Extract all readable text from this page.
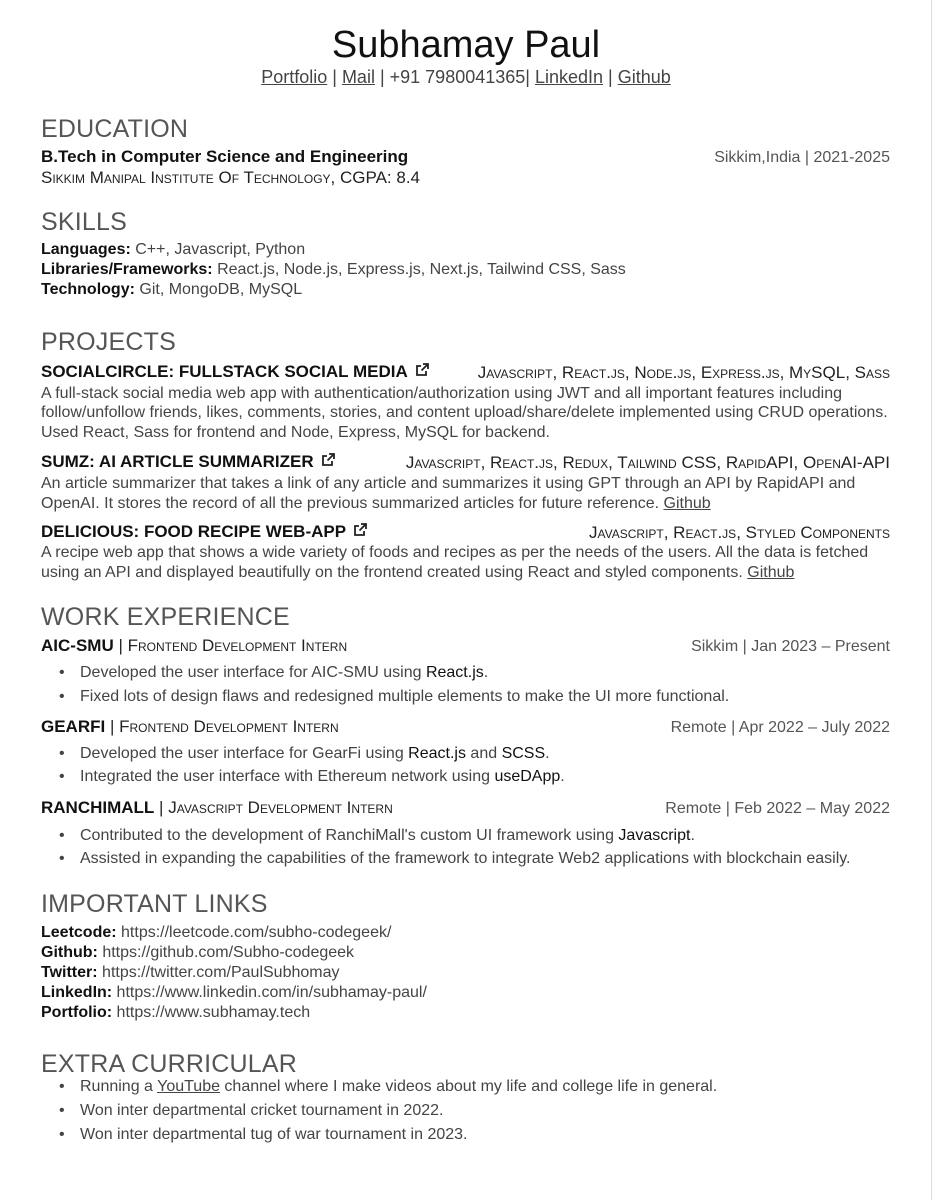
Subhamay Paul
Portfolio | Mail | +91 7980041365| LinkedIn | Github
EDUCATION
B.Tech in Computer Science and Engineering	Sikkim,India | 2021-2025
Sikkim Manipal Institute Of Technology, CGPA: 8.4
SKILLS
Languages: C++, Javascript, Python
Libraries/Frameworks: React.js, Node.js, Express.js, Next.js, Tailwind CSS, Sass
Technology: Git, MongoDB, MySQL
PROJECTS
SOCIALCIRCLE: FULLSTACK SOCIAL MEDIA	Javascript, React.js, Node.js, Express.js, MySQL, Sass
A full-stack social media web app with authentication/authorization using JWT and all important features including
follow/unfollow friends, likes, comments, stories, and content upload/share/delete implemented using CRUD operations.
Used React, Sass for frontend and Node, Express, MySQL for backend.
SUMZ: AI ARTICLE SUMMARIZER	Javascript, React.js, Redux, Tailwind CSS, RapidAPI, OpenAI-API
An article summarizer that takes a link of any article and summarizes it using GPT through an API by RapidAPI and
OpenAI. It stores the record of all the previous summarized articles for future reference. Github
DELICIOUS: FOOD RECIPE WEB-APP	Javascript, React.js, Styled Components
A recipe web app that shows a wide variety of foods and recipes as per the needs of the users. All the data is fetched
using an API and displayed beautifully on the frontend created using React and styled components. Github
WORK EXPERIENCE
AIC-SMU | Frontend Development Intern	Sikkim | Jan 2023 – Present
• Developed the user interface for AIC-SMU using React.js.
• Fixed lots of design flaws and redesigned multiple elements to make the UI more functional.
GEARFI | Frontend Development Intern	Remote | Apr 2022 – July 2022
• Developed the user interface for GearFi using React.js and SCSS.
• Integrated the user interface with Ethereum network using useDApp.
RANCHIMALL | Javascript Development Intern	Remote | Feb 2022 – May 2022
• Contributed to the development of RanchiMall's custom UI framework using Javascript.
• Assisted in expanding the capabilities of the framework to integrate Web2 applications with blockchain easily.
IMPORTANT LINKS
Leetcode: https://leetcode.com/subho-codegeek/
Github: https://github.com/Subho-codegeek
Twitter: https://twitter.com/PaulSubhomay
LinkedIn: https://www.linkedin.com/in/subhamay-paul/
Portfolio: https://www.subhamay.tech
EXTRA CURRICULAR
• Running a YouTube channel where I make videos about my life and college life in general.
• Won inter departmental cricket tournament in 2022.
• Won inter departmental tug of war tournament in 2023.
